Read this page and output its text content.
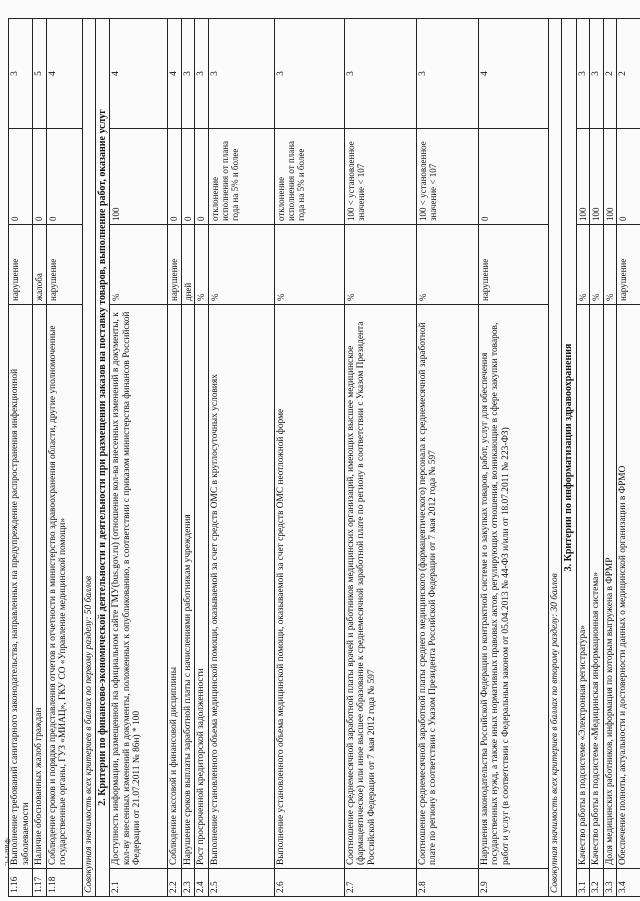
Фин-т-г.
1.16	Выполнение требований санитарного законодательства, направленных на предупреждение распространения инфекционной заболеваемости	нарушение	0	3
1.17	Наличие обоснованных жалоб граждан	жалоба	0	5
1.18	Соблюдение сроков и порядка представления отчетов и отчетности в министерство здравоохранения области, другие уполномоченные государственные органы, ГУЗ «МИАЦ», ГКУ СО «Управление медицинской помощи»	нарушение	0	4
Совокупная значимость всех критериев в баллах по первому разделу: 50 баллов				
2. Критерии по финансово-экономической деятельности и деятельности при размещении заказов на поставку товаров, выполнение работ, оказание услуг				
2.1	Доступность информации, размещенной на официальном сайте ГМУ(bus.gov.ru) (отношение кол-ва внесенных изменений в документы, к кол-ву внесенных изменений в документы, положенных к опубликованию, в соответствии с приказом министерства финансов Российской Федерации от 21.07.2011 № 86н) * 100	%	100	4
2.2	Соблюдение кассовой и финансовой дисциплины	нарушение	0	4
2.3	Нарушение сроков выплаты заработной платы с начислениями работникам учреждения	дней	0	3
2.4	Рост просроченной кредиторской задолженности	%	0	3
2.5	Выполнение установленного объема медицинской помощи, оказываемой за счет средств ОМС в круглосуточных условиях	%	отклонение исполнения от плана года на 5% и более	3
2.6	Выполнение установленного объема медицинской помощи, оказываемой за счет средств ОМС неотложной форме	%	отклонение исполнения от плана года на 5% и более	3
2.7	Соотношение среднемесячной заработной платы врачей и работников медицинских организаций, имеющих высшее медицинское (фармацевтическое) или иное высшее образование к среднемесячной заработной плате по региону в соответствии с Указом Президента Российской Федерации от 7 мая 2012 года № 597	%	100 < установленное значение < 107	3
2.8	Соотношение среднемесячной заработной платы среднего медицинского (фармацевтического) персонала к среднемесячной заработной плате по региону в соответствии с Указом Президента Российской Федерации от 7 мая 2012 года № 597	%	100 < установленное значение < 107	3
2.9	Нарушения законодательства Российской Федерации о контрактной системе и о закупках товаров, работ, услуг для обеспечения государственных нужд, а также иных нормативных правовых актов, регулирующих отношения, возникающие в сфере закупки товаров, работ и услуг (в соответствии с Федеральным законом от 05.04.2013 № 44-ФЗ и/или от 18.07.2011 № 223-ФЗ)	нарушение	0	4
Совокупная значимость всех критериев в баллах по второму разделу: 30 баллов				
3. Критерии по информатизации здравоохранения				
3.1	Качество работы в подсистеме «Электронная регистратура»	%	100	3
3.2	Качество работы в подсистеме «Медицинская информационная система»	%	100	3
3.3	Доля медицинских работников, информация по которым выгружена в ФРМР	%	100	2
3.4	Обеспечение полноты, актуальности и достоверности данных о медицинской организации в ФРМО	нарушение	0	2
